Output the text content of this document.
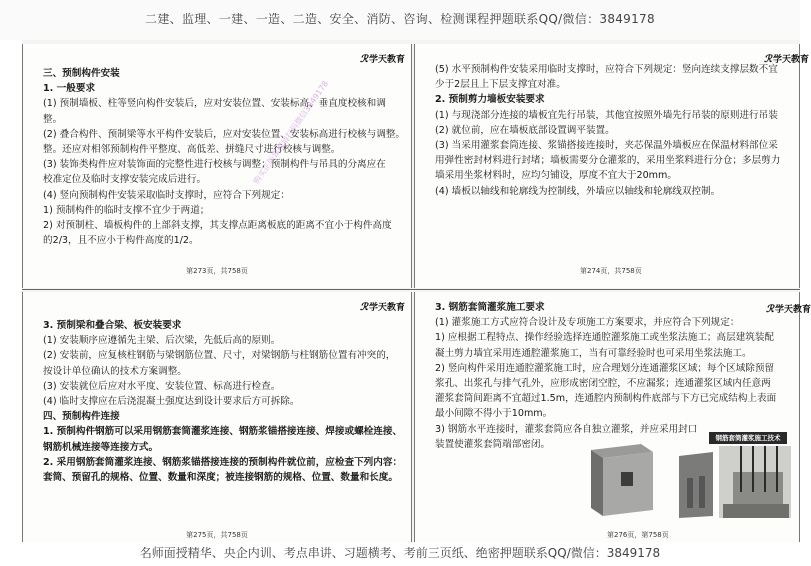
二建、监理、一建、一造、二造、安全、消防、咨询、检测课程押题联系QQ/微信：3849178
ℛ学天教育
三、预制构件安装
1. 一般要求
(1) 预制墙板、柱等竖向构件安装后，应对安装位置、安装标高、垂直度校核和调
整。
(2) 叠合构件、预制梁等水平构件安装后，应对安装位置、安装标高进行校核与调整。
整。还应对相邻预制构件平整度、高低差、拼缝尺寸进行校核与调整。
(3) 装饰类构件应对装饰面的完整性进行校核与调整；预制构件与吊具的分离应在
校准定位及临时支撑安装完成后进行。
(4) 竖向预制构件安装采取临时支撑时，应符合下列规定：
1) 预制构件的临时支撑不宜少于两道；
2) 对预制柱、墙板构件的上部斜支撑，其支撑点距离板底的距离不宜小于构件高度
的2/3，且不应小于构件高度的1/2。
购买正版课程请扫码微信3849178
第273页，共758页
ℛ学天教育
(5) 水平预制构件安装采用临时支撑时，应符合下列规定：竖向连续支撑层数不宜
少于2层且上下层支撑宜对准。
2. 预制剪力墙板安装要求
(1) 与现浇部分连接的墙板宜先行吊装，其他宜按照外墙先行吊装的原则进行吊装
(2) 就位前，应在墙板底部设置调平装置。
(3) 当采用灌浆套筒连接、浆锚搭接连接时，夹芯保温外墙板应在保温材料部位采
用弹性密封材料进行封堵；墙板需要分仓灌浆的，采用坐浆料进行分仓；多层剪力
墙采用坐浆材料时，应均匀铺设，厚度不宜大于20mm。
(4) 墙板以轴线和轮廓线为控制线，外墙应以轴线和轮廓线双控制。
第274页，共758页
ℛ学天教育
3. 预制梁和叠合梁、板安装要求
(1) 安装顺序应遵循先主梁、后次梁，先低后高的原则。
(2) 安装前，应复核柱钢筋与梁钢筋位置、尺寸，对梁钢筋与柱钢筋位置有冲突的，
按设计单位确认的技术方案调整。
(3) 安装就位后应对水平度、安装位置、标高进行检查。
(4) 临时支撑应在后浇混凝土强度达到设计要求后方可拆除。
四、预制构件连接
1. 预制构件钢筋可以采用钢筋套筒灌浆连接、钢筋浆锚搭接连接、焊接或螺栓连接、
钢筋机械连接等连接方式。
2. 采用钢筋套筒灌浆连接、钢筋浆锚搭接连接的预制构件就位前，应检查下列内容：
套筒、预留孔的规格、位置、数量和深度；被连接钢筋的规格、位置、数量和长度。
第275页，共758页
ℛ学天教育
3. 钢筋套筒灌浆施工要求
(1) 灌浆施工方式应符合设计及专项施工方案要求，并应符合下列规定：
1) 应根据工程特点、操作经验选择连通腔灌浆施工或坐浆法施工；高层建筑装配
凝土剪力墙宜采用连通腔灌浆施工，当有可靠经验时也可采用坐浆法施工。
2) 竖向构件采用连通腔灌浆施工时，应合理划分连通灌浆区域；每个区域除预留
浆孔、出浆孔与排气孔外，应形成密闭空腔，不应漏浆；连通灌浆区域内任意两
灌浆套筒间距离不宜超过1.5m，连通腔内预制构件底部与下方已完成结构上表面
最小间隙不得小于10mm。
3) 钢筋水平连接时，灌浆套筒应各自独立灌浆，并应采用封口
装置使灌浆套筒端部密闭。
钢筋套筒灌浆施工技术
第276页，第758页
名师面授精华、央企内训、考点串讲、习题横考、考前三页纸、绝密押题联系QQ/微信：3849178
